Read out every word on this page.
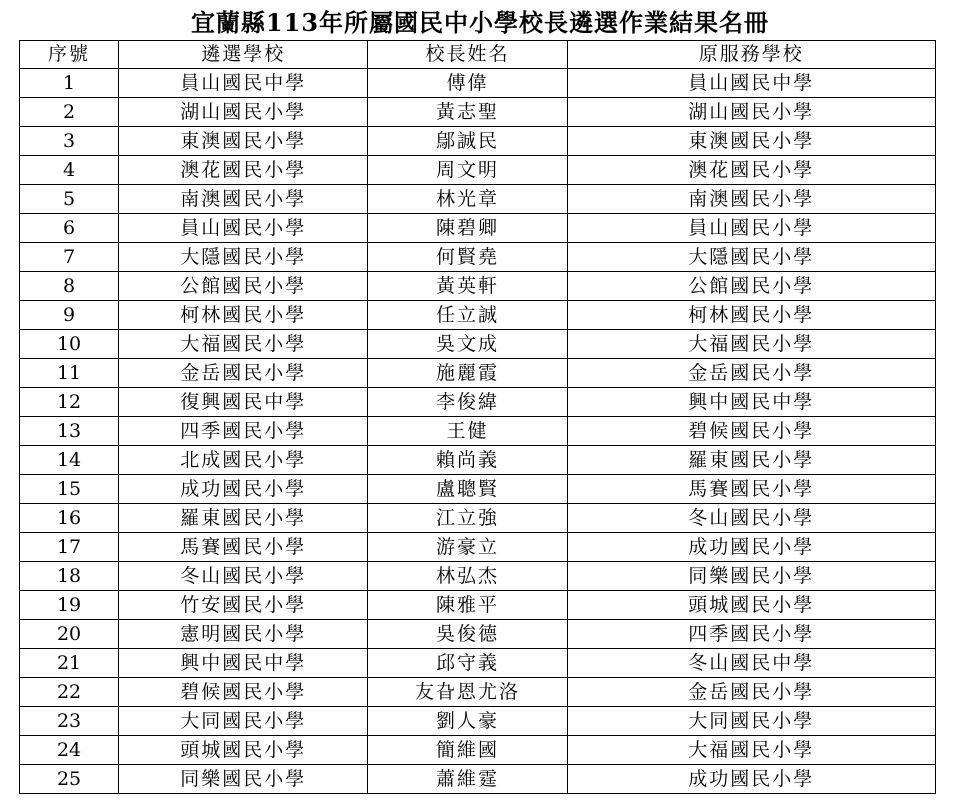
宜蘭縣113年所屬國民中小學校長遴選作業結果名冊
序號	遴選學校	校長姓名	原服務學校
1	員山國民中學	傅偉	員山國民中學
2	湖山國民小學	黃志聖	湖山國民小學
3	東澳國民小學	鄔誠民	東澳國民小學
4	澳花國民小學	周文明	澳花國民小學
5	南澳國民小學	林光章	南澳國民小學
6	員山國民小學	陳碧卿	員山國民小學
7	大隱國民小學	何賢堯	大隱國民小學
8	公館國民小學	黃英軒	公館國民小學
9	柯林國民小學	任立誠	柯林國民小學
10	大福國民小學	吳文成	大福國民小學
11	金岳國民小學	施麗霞	金岳國民小學
12	復興國民中學	李俊緯	興中國民中學
13	四季國民小學	王健	碧候國民小學
14	北成國民小學	賴尚義	羅東國民小學
15	成功國民小學	盧聰賢	馬賽國民小學
16	羅東國民小學	江立強	冬山國民小學
17	馬賽國民小學	游豪立	成功國民小學
18	冬山國民小學	林弘杰	同樂國民小學
19	竹安國民小學	陳雅平	頭城國民小學
20	憲明國民小學	吳俊德	四季國民小學
21	興中國民中學	邱守義	冬山國民中學
22	碧候國民小學	友旮恩尤洛	金岳國民小學
23	大同國民小學	劉人豪	大同國民小學
24	頭城國民小學	簡維國	大福國民小學
25	同樂國民小學	蕭維霆	成功國民小學
